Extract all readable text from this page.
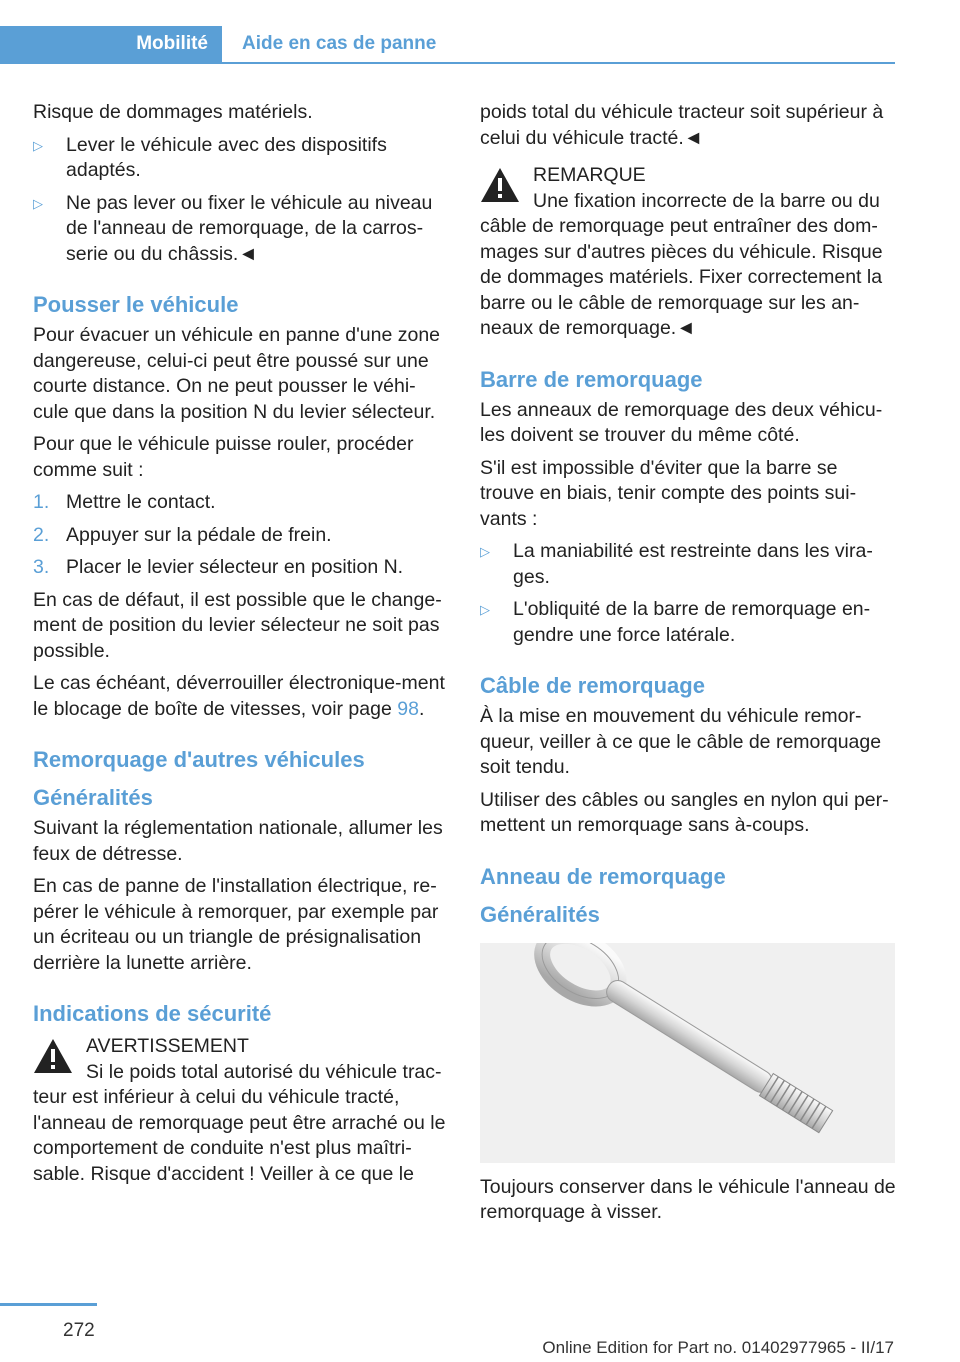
Mobilité	Aide en cas de panne

Risque de dommages matériels.

▷ Lever le véhicule avec des dispositifs adaptés.
▷ Ne pas lever ou fixer le véhicule au niveau de l'anneau de remorquage, de la carros-serie ou du châssis.◄
Pousser le véhicule

Pour évacuer un véhicule en panne d'une zone dangereuse, celui-ci peut être poussé sur une courte distance. On ne peut pousser le véhi-cule que dans la position N du levier sélecteur.

Pour que le véhicule puisse rouler, procéder comme suit :

1. Mettre le contact.
2. Appuyer sur la pédale de frein.
3. Placer le levier sélecteur en position N.

En cas de défaut, il est possible que le change-ment de position du levier sélecteur ne soit pas possible.

Le cas échéant, déverrouiller électronique-ment le blocage de boîte de vitesses, voir page 98.

Remorquage d'autres véhicules
Généralités

Suivant la réglementation nationale, allumer les feux de détresse.

En cas de panne de l'installation électrique, re-pérer le véhicule à remorquer, par exemple par un écriteau ou un triangle de présignalisation derrière la lunette arrière.

Indications de sécurité
AVERTISSEMENT
Si le poids total autorisé du véhicule trac-
teur est inférieur à celui du véhicule tracté, l'anneau de remorquage peut être arraché ou le comportement de conduite n'est plus maîtri-sable. Risque d'accident ! Veiller à ce que le

poids total du véhicule tracteur soit supérieur à celui du véhicule tracté.◄

REMARQUE
Une fixation incorrecte de la barre ou du
câble de remorquage peut entraîner des dom-mages sur d'autres pièces du véhicule. Risque de dommages matériels. Fixer correctement la barre ou le câble de remorquage sur les an-neaux de remorquage.◄
Barre de remorquage

Les anneaux de remorquage des deux véhicu-les doivent se trouver du même côté.

S'il est impossible d'éviter que la barre se trouve en biais, tenir compte des points sui-vants :

▷ La maniabilité est restreinte dans les vira-ges.
▷ L'obliquité de la barre de remorquage en-gendre une force latérale.
Câble de remorquage

À la mise en mouvement du véhicule remor-queur, veiller à ce que le câble de remorquage soit tendu.

Utiliser des câbles ou sangles en nylon qui per-mettent un remorquage sans à-coups.

Anneau de remorquage
Généralités

Toujours conserver dans le véhicule l'anneau de remorquage à visser.

272
Online Edition for Part no. 01402977965 - II/17
